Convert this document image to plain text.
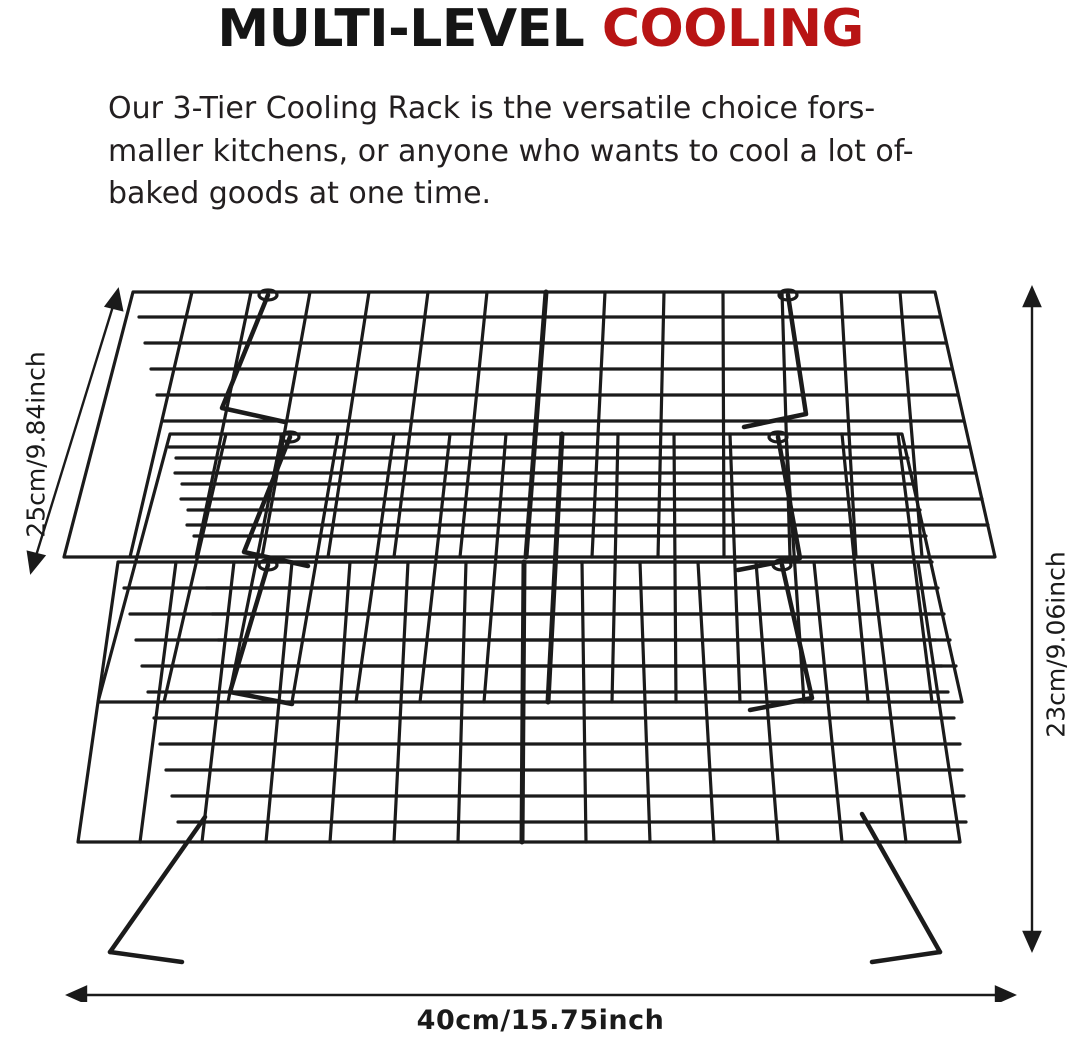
MULTI-LEVEL COOLING
Our 3-Tier Cooling Rack is the versatile choice fors-maller kitchens, or anyone who wants to cool a lot of-baked goods at one time.
25cm/9.84inch
23cm/9.06inch
40cm/15.75inch
